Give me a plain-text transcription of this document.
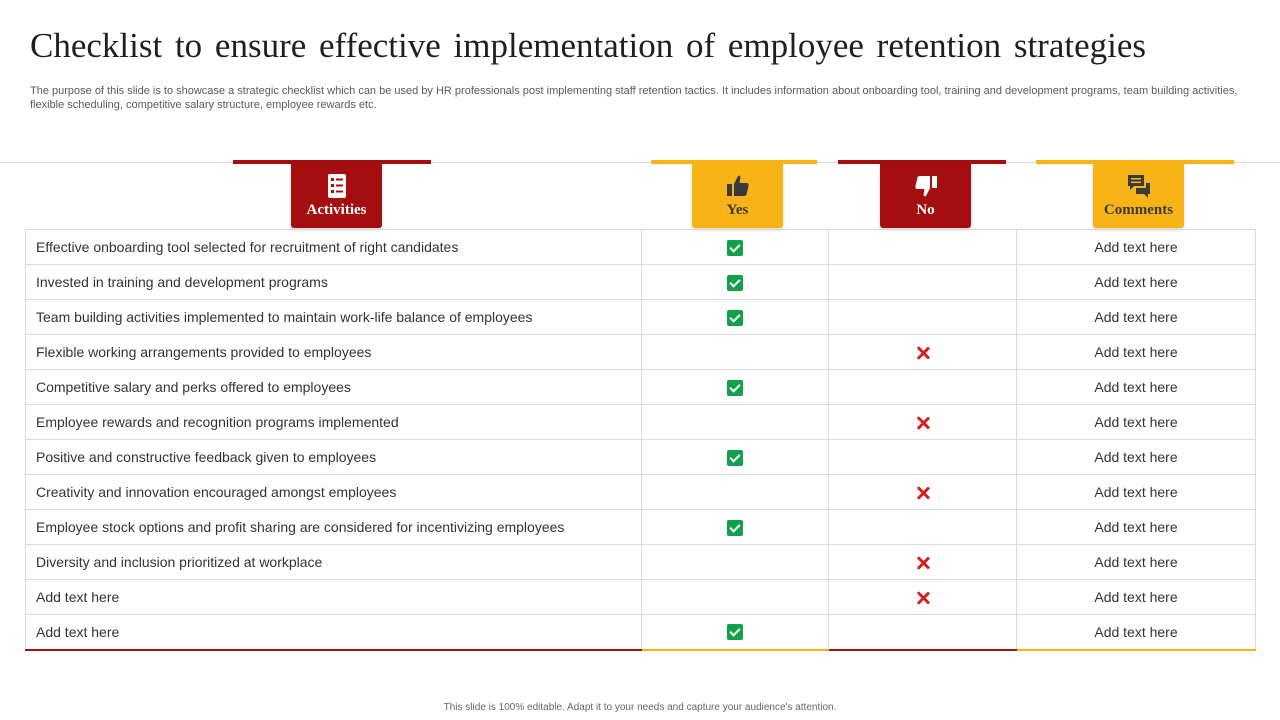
Checklist to ensure effective implementation of employee retention strategies

The purpose of this slide is to showcase a strategic checklist which can be used by HR professionals post implementing staff retention tactics. It includes information about onboarding tool, training and development programs, team building activities, flexible scheduling, competitive salary structure, employee rewards etc.

Activities	Yes	No	Comments
Effective onboarding tool selected for recruitment of right candidates			Add text here
Invested in training and development programs			Add text here
Team building activities implemented to maintain work-life balance of employees			Add text here
Flexible working arrangements provided to employees			Add text here
Competitive salary and perks offered to employees			Add text here
Employee rewards and recognition programs implemented			Add text here
Positive and constructive feedback given to employees			Add text here
Creativity and innovation encouraged amongst employees			Add text here
Employee stock options and profit sharing are considered for incentivizing employees			Add text here
Diversity and inclusion prioritized at workplace			Add text here
Add text here			Add text here
Add text here			Add text here
This slide is 100% editable. Adapt it to your needs and capture your audience's attention.
